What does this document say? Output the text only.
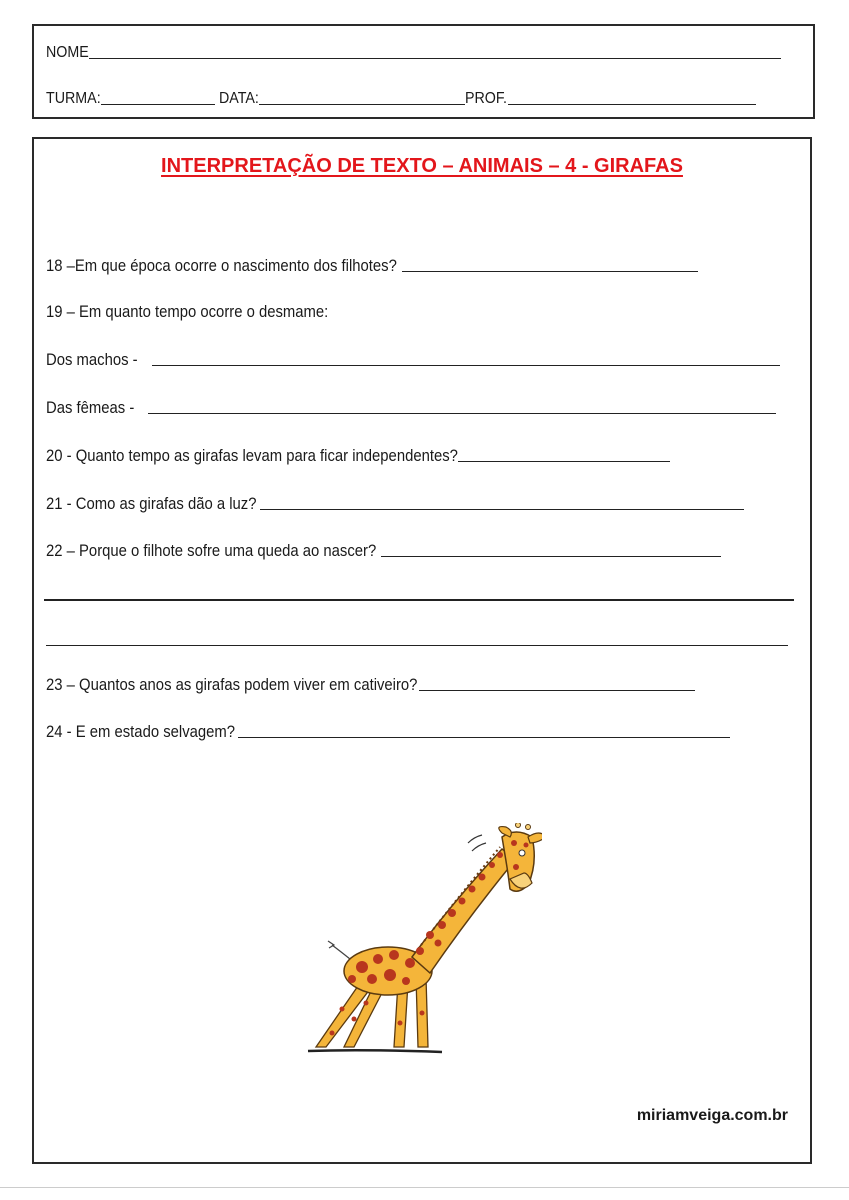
NOME
TURMA:	DATA:	PROF.
INTERPRETAÇÃO DE TEXTO – ANIMAIS – 4 - GIRAFAS
18 –Em que época ocorre o nascimento dos filhotes?
19 – Em quanto tempo ocorre o desmame:
Dos machos -
Das fêmeas -
20 - Quanto tempo as girafas levam para ficar independentes?
21 - Como as girafas dão a luz?
22 – Porque o filhote sofre uma queda ao nascer?
23 – Quantos anos as girafas podem viver em cativeiro?
24 - E em estado selvagem?
miriamveiga.com.br
